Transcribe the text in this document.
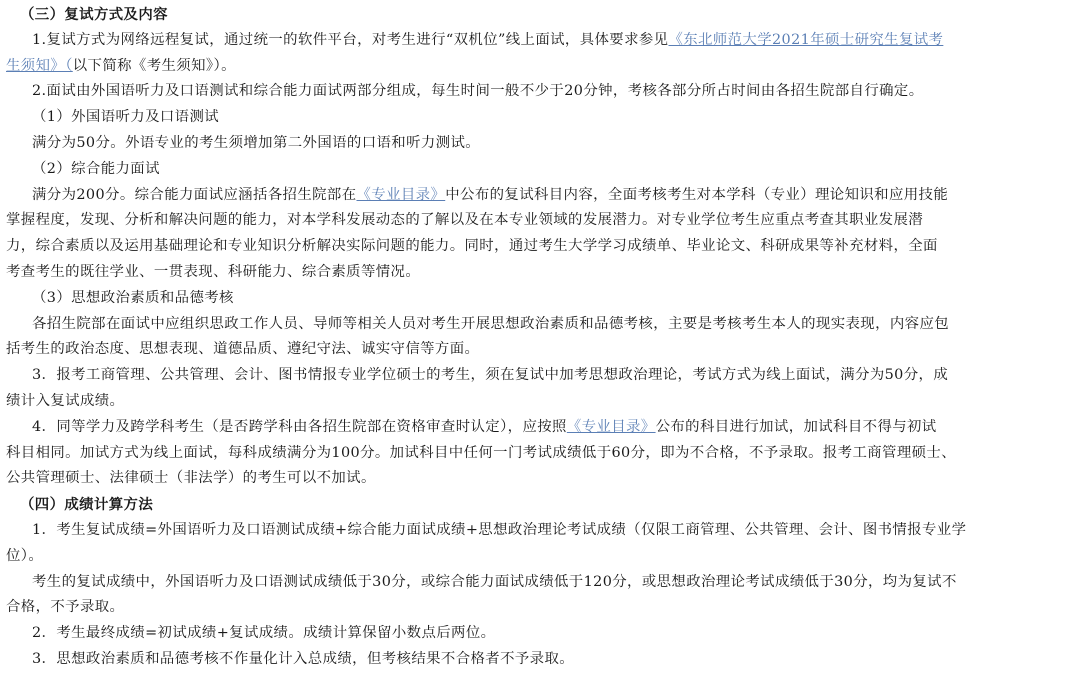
（三）复试方式及内容
1.复试方式为网络远程复试，通过统一的软件平台，对考生进行“双机位”线上面试，具体要求参见《东北师范大学2021年硕士研究生复试考
生须知》（以下简称《考生须知》）。
2.面试由外国语听力及口语测试和综合能力面试两部分组成，每生时间一般不少于20分钟，考核各部分所占时间由各招生院部自行确定。
（1）外国语听力及口语测试
满分为50分。外语专业的考生须增加第二外国语的口语和听力测试。
（2）综合能力面试
满分为200分。综合能力面试应涵括各招生院部在《专业目录》中公布的复试科目内容，全面考核考生对本学科（专业）理论知识和应用技能
掌握程度，发现、分析和解决问题的能力，对本学科发展动态的了解以及在本专业领域的发展潜力。对专业学位考生应重点考查其职业发展潜
力，综合素质以及运用基础理论和专业知识分析解决实际问题的能力。同时，通过考生大学学习成绩单、毕业论文、科研成果等补充材料，全面
考查考生的既往学业、一贯表现、科研能力、综合素质等情况。
（3）思想政治素质和品德考核
各招生院部在面试中应组织思政工作人员、导师等相关人员对考生开展思想政治素质和品德考核，主要是考核考生本人的现实表现，内容应包
括考生的政治态度、思想表现、道德品质、遵纪守法、诚实守信等方面。
3．报考工商管理、公共管理、会计、图书情报专业学位硕士的考生，须在复试中加考思想政治理论，考试方式为线上面试，满分为50分，成
绩计入复试成绩。
4．同等学力及跨学科考生（是否跨学科由各招生院部在资格审查时认定），应按照《专业目录》公布的科目进行加试，加试科目不得与初试
科目相同。加试方式为线上面试，每科成绩满分为100分。加试科目中任何一门考试成绩低于60分，即为不合格，不予录取。报考工商管理硕士、
公共管理硕士、法律硕士（非法学）的考生可以不加试。
（四）成绩计算方法
1．考生复试成绩=外国语听力及口语测试成绩+综合能力面试成绩+思想政治理论考试成绩（仅限工商管理、公共管理、会计、图书情报专业学
位）。
考生的复试成绩中，外国语听力及口语测试成绩低于30分，或综合能力面试成绩低于120分，或思想政治理论考试成绩低于30分，均为复试不
合格，不予录取。
2．考生最终成绩=初试成绩+复试成绩。成绩计算保留小数点后两位。
3．思想政治素质和品德考核不作量化计入总成绩，但考核结果不合格者不予录取。
